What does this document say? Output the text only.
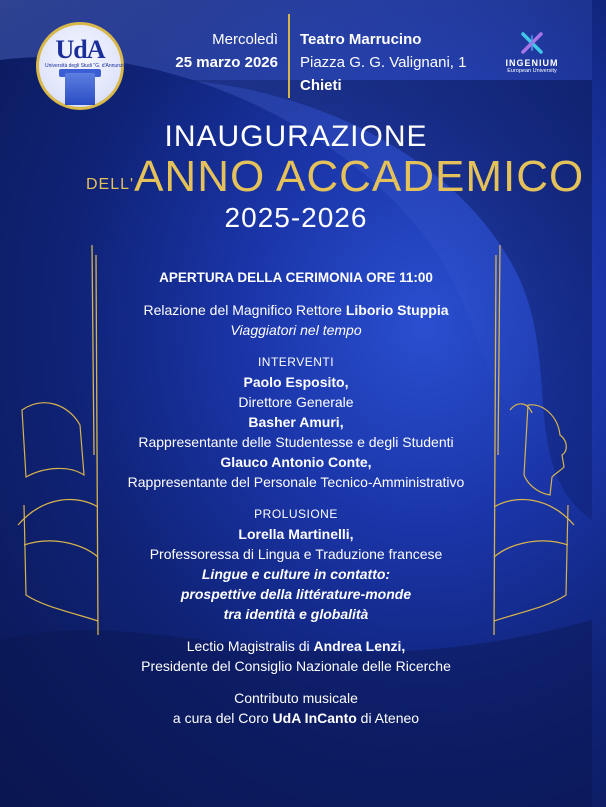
UdA
Università degli Studi "G. d'Annunzio"
Mercoledì
25 marzo 2026
Teatro Marrucino
Piazza G. G. Valignani, 1
Chieti
INGENIUM
European University
INAUGURAZIONE
DELL'ANNO ACCADEMICO
2025-2026

APERTURA DELLA CERIMONIA ORE 11:00

Relazione del Magnifico Rettore Liborio Stuppia

Viaggiatori nel tempo

INTERVENTI

Paolo Esposito,

Direttore Generale

Basher Amuri,

Rappresentante delle Studentesse e degli Studenti

Glauco Antonio Conte,

Rappresentante del Personale Tecnico-Amministrativo

PROLUSIONE

Lorella Martinelli,

Professoressa di Lingua e Traduzione francese

Lingue e culture in contatto:

prospettive della littérature-monde

tra identità e globalità

Lectio Magistralis di Andrea Lenzi,

Presidente del Consiglio Nazionale delle Ricerche

Contributo musicale

a cura del Coro UdA InCanto di Ateneo
